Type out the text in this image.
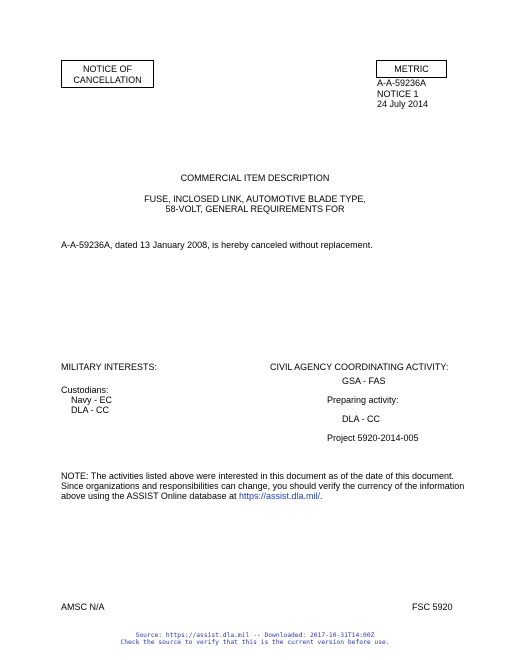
NOTICE OF
CANCELLATION
METRIC
A-A-59236A
NOTICE 1
24 July 2014
COMMERCIAL ITEM DESCRIPTION
FUSE, INCLOSED LINK, AUTOMOTIVE BLADE TYPE,
58-VOLT, GENERAL REQUIREMENTS FOR
A-A-59236A, dated 13 January 2008, is hereby canceled without replacement.
MILITARY INTERESTS:
Custodians:
Navy - EC
DLA - CC
CIVIL AGENCY COORDINATING ACTIVITY:
GSA - FAS
Preparing activity:
DLA - CC
Project 5920-2014-005
NOTE: The activities listed above were interested in this document as of the date of this document.
Since organizations and responsibilities can change, you should verify the currency of the information
above using the ASSIST Online database at https://assist.dla.mil/.
AMSC N/A	FSC 5920
Source: https://assist.dla.mil -- Downloaded: 2017-10-31T14:00Z
Check the source to verify that this is the current version before use.
